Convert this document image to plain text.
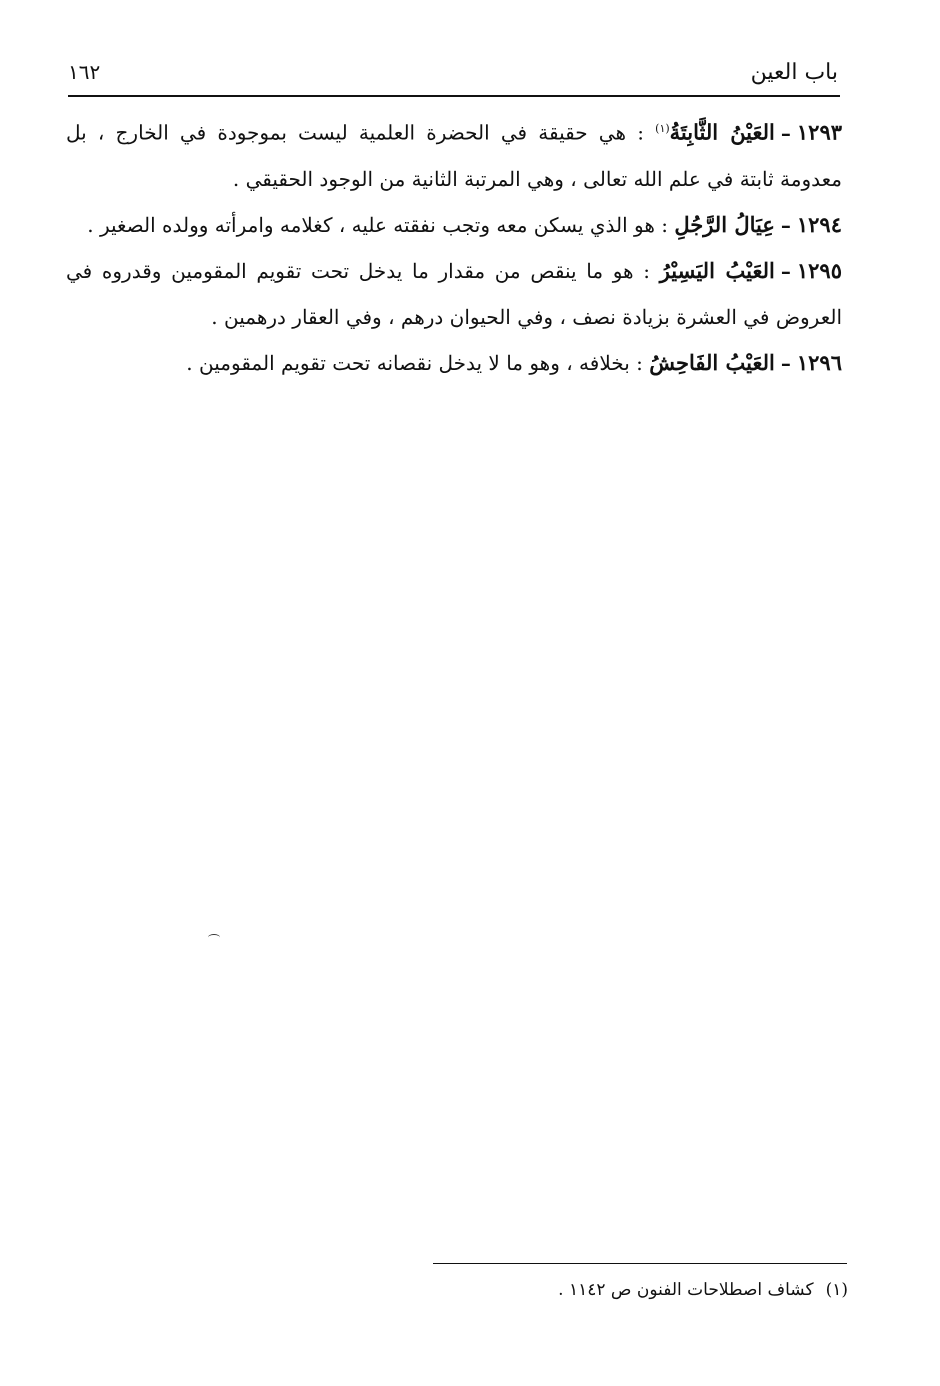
باب العين
١٦٢

١٢٩٣–العَيْنُ الثَّابِتَةُ$^{(١)}$ : هي حقيقة في الحضرة العلمية ليست بموجودة في الخارج ، بل معدومة ثابتة في علم الله تعالى ، وهي المرتبة الثانية من الوجود الحقيقي .

١٢٩٤–عِيَالُ الرَّجُلِ : هو الذي يسكن معه وتجب نفقته عليه ، كغلامه وامرأته وولده الصغير .

١٢٩٥–العَيْبُ اليَسِيْرُ : هو ما ينقص من مقدار ما يدخل تحت تقويم المقومين وقدروه في العروض في العشرة بزيادة نصف ، وفي الحيوان درهم ، وفي العقار درهمين .

١٢٩٦–العَيْبُ الفَاحِشُ : بخلافه ، وهو ما لا يدخل نقصانه تحت تقويم المقومين .

(١)كشاف اصطلاحات الفنون ص ١١٤٢ .
